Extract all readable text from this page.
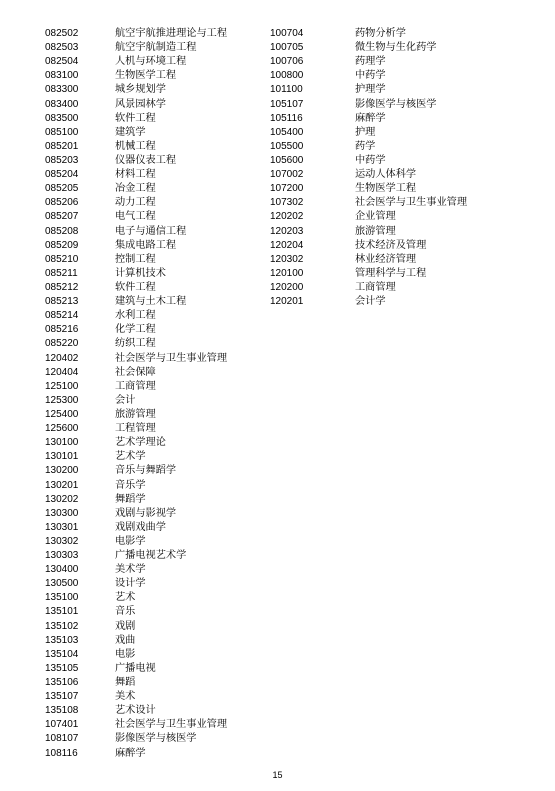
082502	航空宇航推进理论与工程
082503	航空宇航制造工程
082504	人机与环境工程
083100	生物医学工程
083300	城乡规划学
083400	风景园林学
083500	软件工程
085100	建筑学
085201	机械工程
085203	仪器仪表工程
085204	材料工程
085205	冶金工程
085206	动力工程
085207	电气工程
085208	电子与通信工程
085209	集成电路工程
085210	控制工程
085211	计算机技术
085212	软件工程
085213	建筑与土木工程
085214	水利工程
085216	化学工程
085220	纺织工程
120402	社会医学与卫生事业管理
120404	社会保障
125100	工商管理
125300	会计
125400	旅游管理
125600	工程管理
130100	艺术学理论
130101	艺术学
130200	音乐与舞蹈学
130201	音乐学
130202	舞蹈学
130300	戏剧与影视学
130301	戏剧戏曲学
130302	电影学
130303	广播电视艺术学
130400	美术学
130500	设计学
135100	艺术
135101	音乐
135102	戏剧
135103	戏曲
135104	电影
135105	广播电视
135106	舞蹈
135107	美术
135108	艺术设计
107401	社会医学与卫生事业管理
108107	影像医学与核医学
108116	麻醉学
100704	药物分析学
100705	微生物与生化药学
100706	药理学
100800	中药学
101100	护理学
105107	影像医学与核医学
105116	麻醉学
105400	护理
105500	药学
105600	中药学
107002	运动人体科学
107200	生物医学工程
107302	社会医学与卫生事业管理
120202	企业管理
120203	旅游管理
120204	技术经济及管理
120302	林业经济管理
120100	管理科学与工程
120200	工商管理
120201	会计学
15
